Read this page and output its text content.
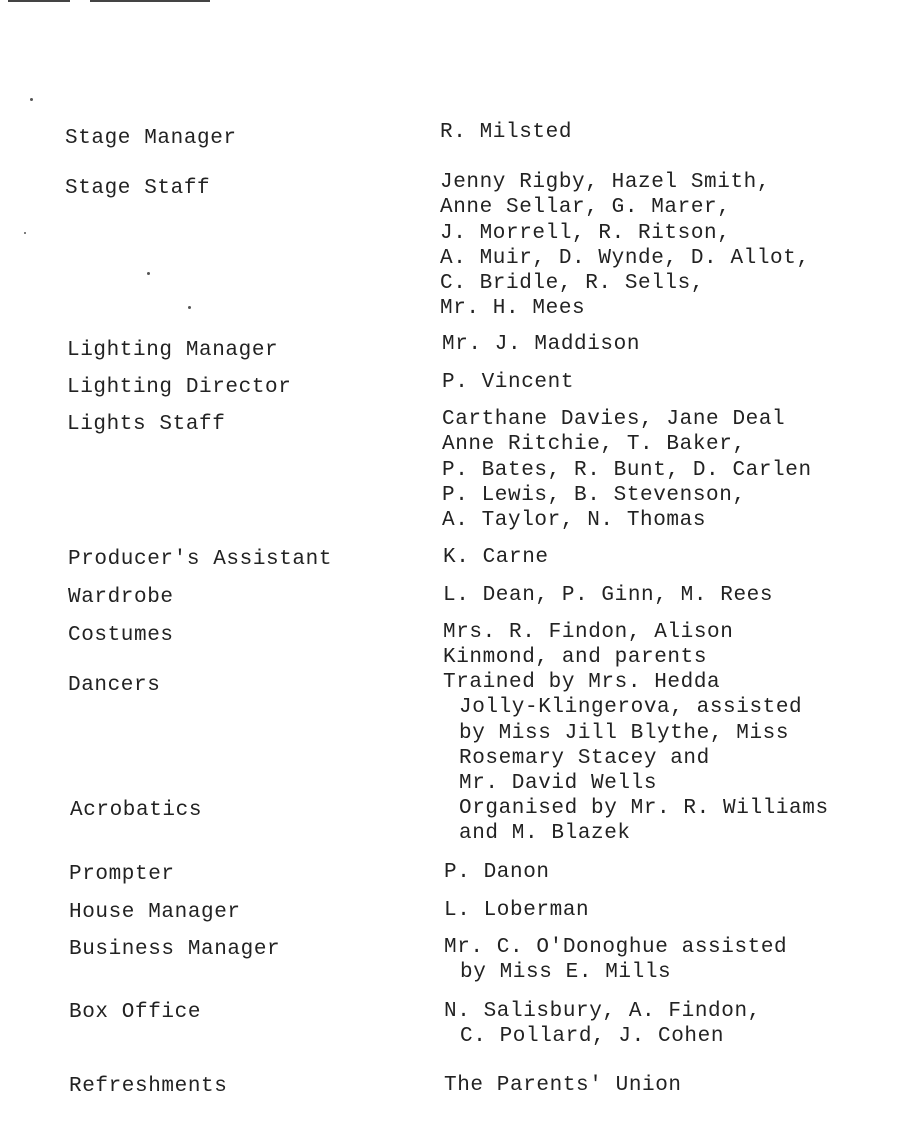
Stage Manager	R. Milsted
Stage Staff	Jenny Rigby, Hazel Smith,
Anne Sellar, G. Marer,
J. Morrell, R. Ritson,
A. Muir, D. Wynde, D. Allot,
C. Bridle, R. Sells,
Mr. H. Mees
Lighting Manager	Mr. J. Maddison
Lighting Director	P. Vincent
Lights Staff	Carthane Davies, Jane Deal
Anne Ritchie, T. Baker,
P. Bates, R. Bunt, D. Carlen
P. Lewis, B. Stevenson,
A. Taylor, N. Thomas
Producer's Assistant	K. Carne
Wardrobe	L. Dean, P. Ginn, M. Rees
Costumes	Mrs. R. Findon, Alison
Kinmond, and parents
Dancers	Trained by Mrs. Hedda
Jolly-Klingerova, assisted
by Miss Jill Blythe, Miss
Rosemary Stacey and
Mr. David Wells
Acrobatics	Organised by Mr. R. Williams
and M. Blazek
Prompter	P. Danon
House Manager	L. Loberman
Business Manager	Mr. C. O'Donoghue assisted
by Miss E. Mills
Box Office	N. Salisbury, A. Findon,
C. Pollard, J. Cohen
Refreshments	The Parents' Union
